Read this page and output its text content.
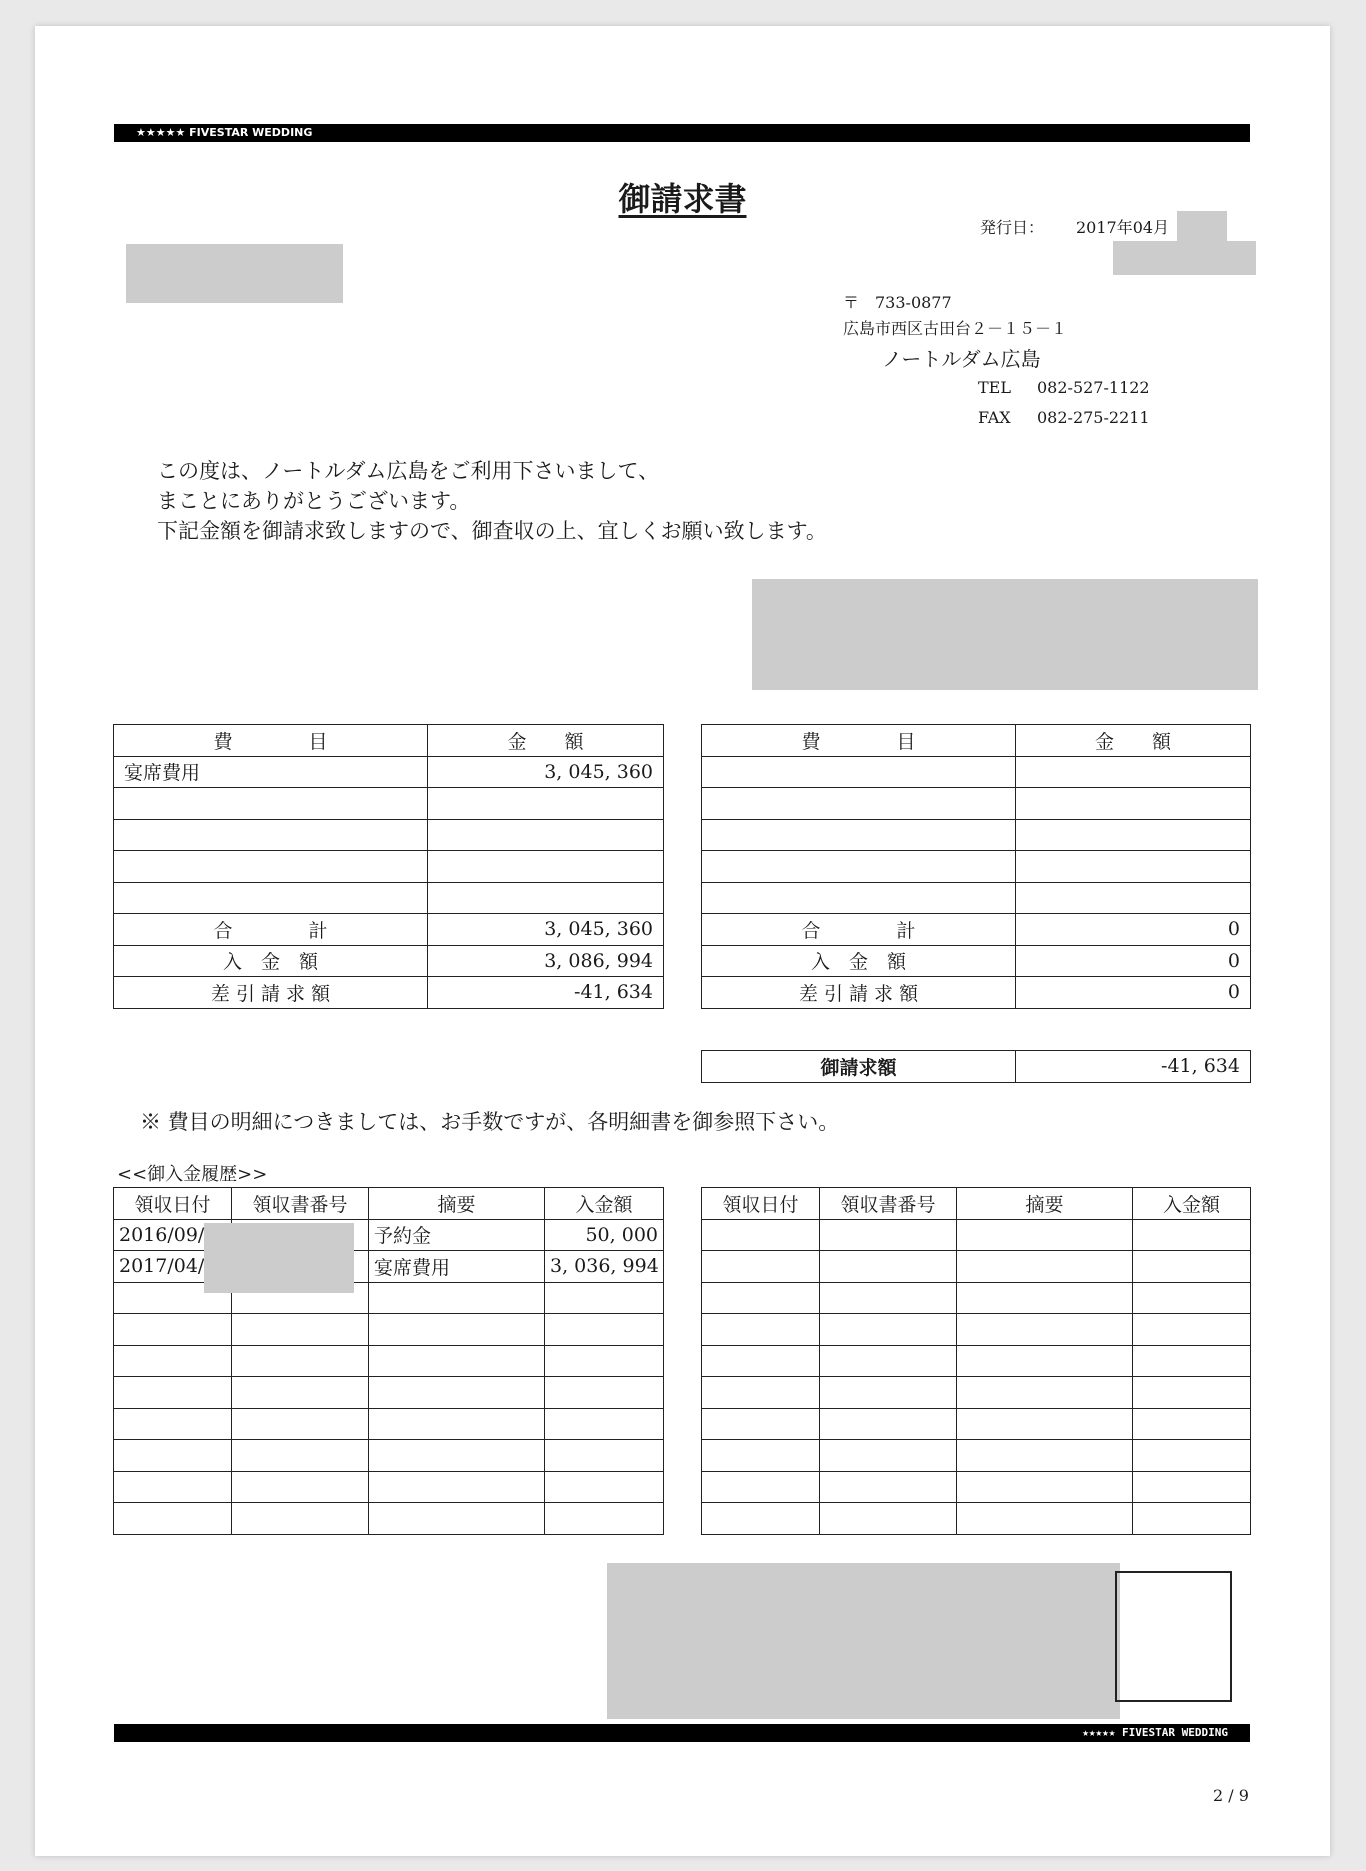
★★★★★ FIVESTAR WEDDING
御請求書
発行日： 2017年04月
〒　733-0877
広島市西区古田台２－１５－１
ノートルダム広島
TEL 082-527-1122
FAX 082-275-2211
この度は、ノートルダム広島をご利用下さいまして、
まことにありがとうございます。
下記金額を御請求致しますので、御査収の上、宜しくお願い致します。
費　　　　目	金　　額
宴席費用	3, 045, 360

合　　　　計	3, 045, 360
入　金　額	3, 086, 994
差 引 請 求 額	-41, 634
費　　　　目	金　　額

合　　　　計	0
入　金　額	0
差 引 請 求 額	0
御請求額	-41, 634
※ 費目の明細につきましては、お手数ですが、各明細書を御参照下さい。
<<御入金履歴>>
領収日付	領収書番号	摘要	入金額
2016/09/		予約金	50, 000
2017/04/		宴席費用	3, 036, 994

領収日付	領収書番号	摘要	入金額

★★★★★ FIVESTAR WEDDING
2 / 9
